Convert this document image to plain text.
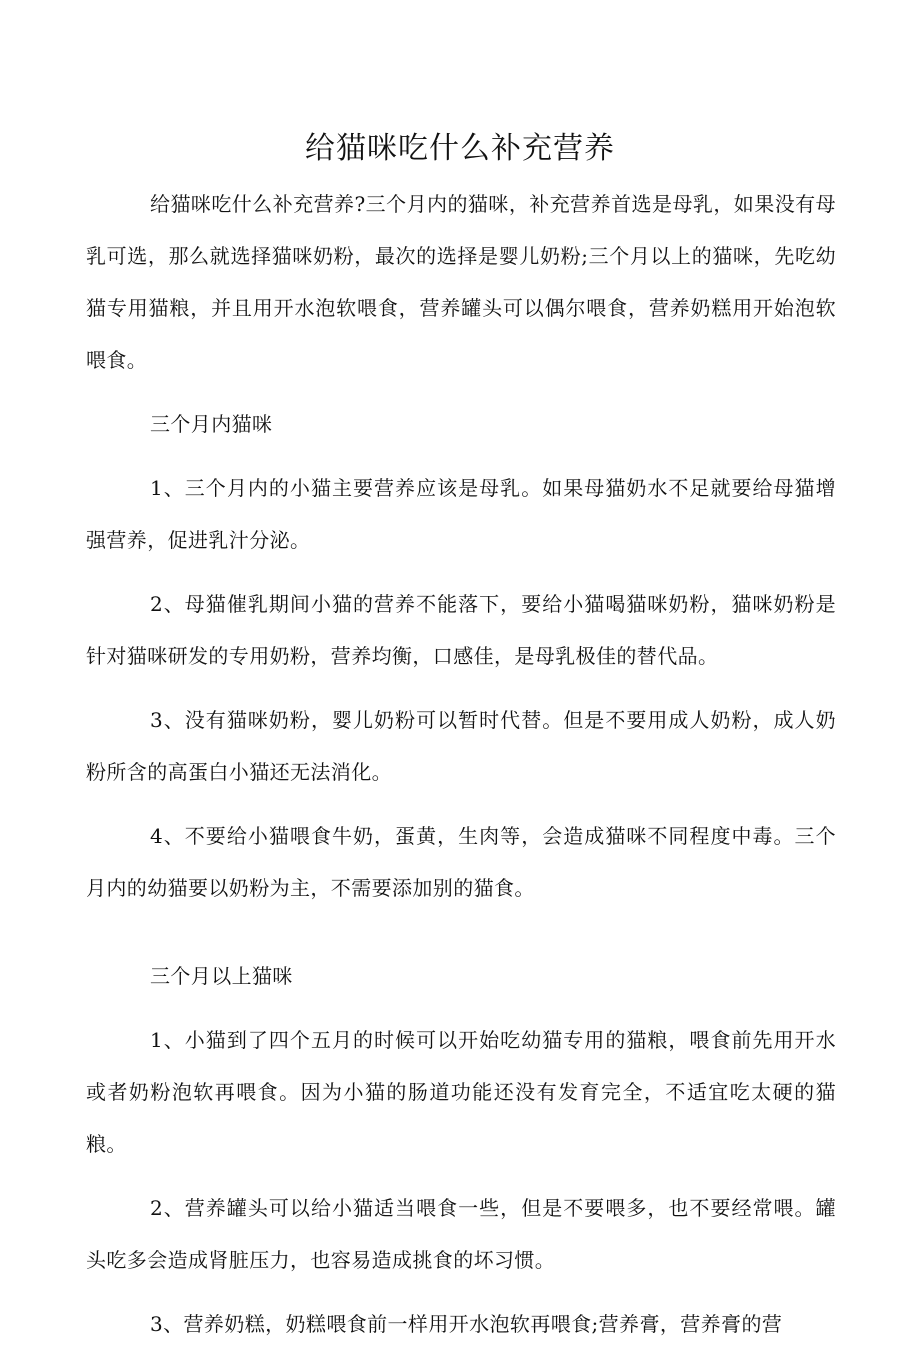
给猫咪吃什么补充营养

给猫咪吃什么补充营养?三个月内的猫咪，补充营养首选是母乳，如果没有母乳可选，那么就选择猫咪奶粉，最次的选择是婴儿奶粉;三个月以上的猫咪，先吃幼猫专用猫粮，并且用开水泡软喂食，营养罐头可以偶尔喂食，营养奶糕用开始泡软喂食。

三个月内猫咪

1、三个月内的小猫主要营养应该是母乳。如果母猫奶水不足就要给母猫增强营养，促进乳汁分泌。

2、母猫催乳期间小猫的营养不能落下，要给小猫喝猫咪奶粉，猫咪奶粉是针对猫咪研发的专用奶粉，营养均衡，口感佳，是母乳极佳的替代品。

3、没有猫咪奶粉，婴儿奶粉可以暂时代替。但是不要用成人奶粉，成人奶粉所含的高蛋白小猫还无法消化。

4、不要给小猫喂食牛奶，蛋黄，生肉等，会造成猫咪不同程度中毒。三个月内的幼猫要以奶粉为主，不需要添加别的猫食。

三个月以上猫咪

1、小猫到了四个五月的时候可以开始吃幼猫专用的猫粮，喂食前先用开水或者奶粉泡软再喂食。因为小猫的肠道功能还没有发育完全，不适宜吃太硬的猫粮。

2、营养罐头可以给小猫适当喂食一些，但是不要喂多，也不要经常喂。罐头吃多会造成肾脏压力，也容易造成挑食的坏习惯。

3、营养奶糕，奶糕喂食前一样用开水泡软再喂食;营养膏，营养膏的营
